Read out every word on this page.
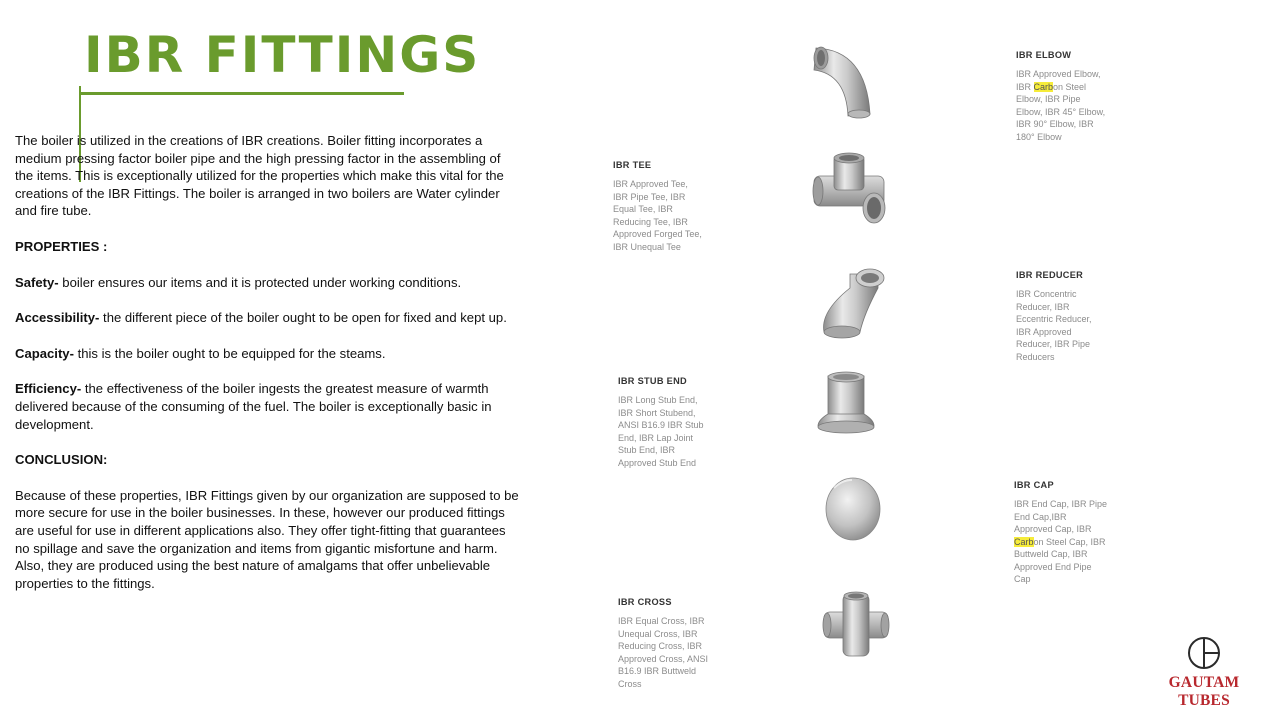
IBR FITTINGS

The boiler is utilized in the creations of IBR creations. Boiler fitting incorporates a medium pressing factor boiler pipe and the high pressing factor in the assembling of the items. This is exceptionally utilized for the properties which make this vital for the creations of the IBR Fittings. The boiler is arranged in two boilers are Water cylinder and fire tube.

PROPERTIES :

Safety- boiler ensures our items and it is protected under working conditions.

Accessibility- the different piece of the boiler ought to be open for fixed and kept up.

Capacity- this is the boiler ought to be equipped for the steams.

Efficiency- the effectiveness of the boiler ingests the greatest measure of warmth delivered because of the consuming of the fuel. The boiler is exceptionally basic in development.

CONCLUSION:

Because of these properties, IBR Fittings given by our organization are supposed to be more secure for use in the boiler businesses. In these, however our produced fittings are useful for use in different applications also. They offer tight-fitting that guarantees no spillage and save the organization and items from gigantic misfortune and harm. Also, they are produced using the best nature of amalgams that offer unbelievable properties to the fittings.

IBR ELBOW
IBR Approved Elbow,
IBR Carbon Steel
Elbow, IBR Pipe
Elbow, IBR 45° Elbow,
IBR 90° Elbow, IBR
180° Elbow
IBR TEE
IBR Approved Tee,
IBR Pipe Tee, IBR
Equal Tee, IBR
Reducing Tee, IBR
Approved Forged Tee,
IBR Unequal Tee
IBR REDUCER
IBR Concentric
Reducer, IBR
Eccentric Reducer,
IBR Approved
Reducer, IBR Pipe
Reducers
IBR STUB END
IBR Long Stub End,
IBR Short Stubend,
ANSI B16.9 IBR Stub
End, IBR Lap Joint
Stub End, IBR
Approved Stub End
IBR CAP
IBR End Cap, IBR Pipe
End Cap,IBR
Approved Cap, IBR
Carbon Steel Cap, IBR
Buttweld Cap, IBR
Approved End Pipe
Cap
IBR CROSS
IBR Equal Cross, IBR
Unequal Cross, IBR
Reducing Cross, IBR
Approved Cross, ANSI
B16.9 IBR Buttweld
Cross	GAUTAM TUBES
